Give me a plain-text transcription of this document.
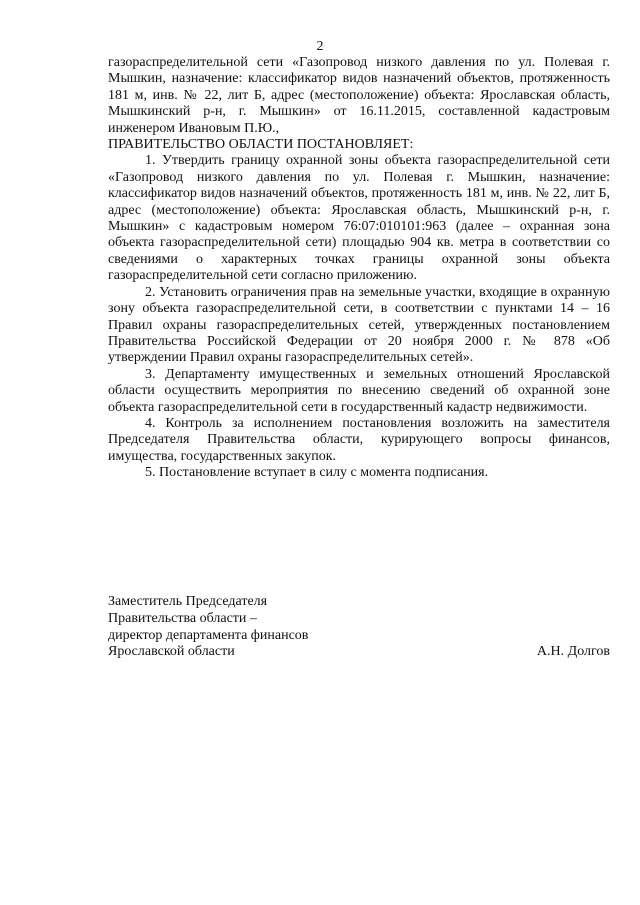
2

газораспределительной сети «Газопровод низкого давления по ул. Полевая г. Мышкин, назначение: классификатор видов назначений объектов, протяженность 181 м, инв. № 22, лит Б, адрес (местоположение) объекта: Ярославская область, Мышкинский р-н, г. Мышкин» от 16.11.2015, составленной кадастровым инженером Ивановым П.Ю.,

ПРАВИТЕЛЬСТВО ОБЛАСТИ ПОСТАНОВЛЯЕТ:

1. Утвердить границу охранной зоны объекта газораспределительной сети «Газопровод низкого давления по ул. Полевая г. Мышкин, назначение: классификатор видов назначений объектов, протяженность 181 м, инв. № 22, лит Б, адрес (местоположение) объекта: Ярославская область, Мышкинский р-н, г. Мышкин» с кадастровым номером 76:07:010101:963 (далее – охранная зона объекта газораспределительной сети) площадью 904 кв. метра в соответствии со сведениями о характерных точках границы охранной зоны объекта газораспределительной сети согласно приложению.

2. Установить ограничения прав на земельные участки, входящие в охранную зону объекта газораспределительной сети, в соответствии с пунктами 14 – 16 Правил охраны газораспределительных сетей, утвержденных постановлением Правительства Российской Федерации от 20 ноября 2000 г. № 878 «Об утверждении Правил охраны газораспределительных сетей».

3. Департаменту имущественных и земельных отношений Ярославской области осуществить мероприятия по внесению сведений об охранной зоне объекта газораспределительной сети в государственный кадастр недвижимости.

4. Контроль за исполнением постановления возложить на заместителя Председателя Правительства области, курирующего вопросы финансов, имущества, государственных закупок.

5. Постановление вступает в силу с момента подписания.

Заместитель Председателя
Правительства области –
директор департамента финансов
Ярославской области	А.Н. Долгов
